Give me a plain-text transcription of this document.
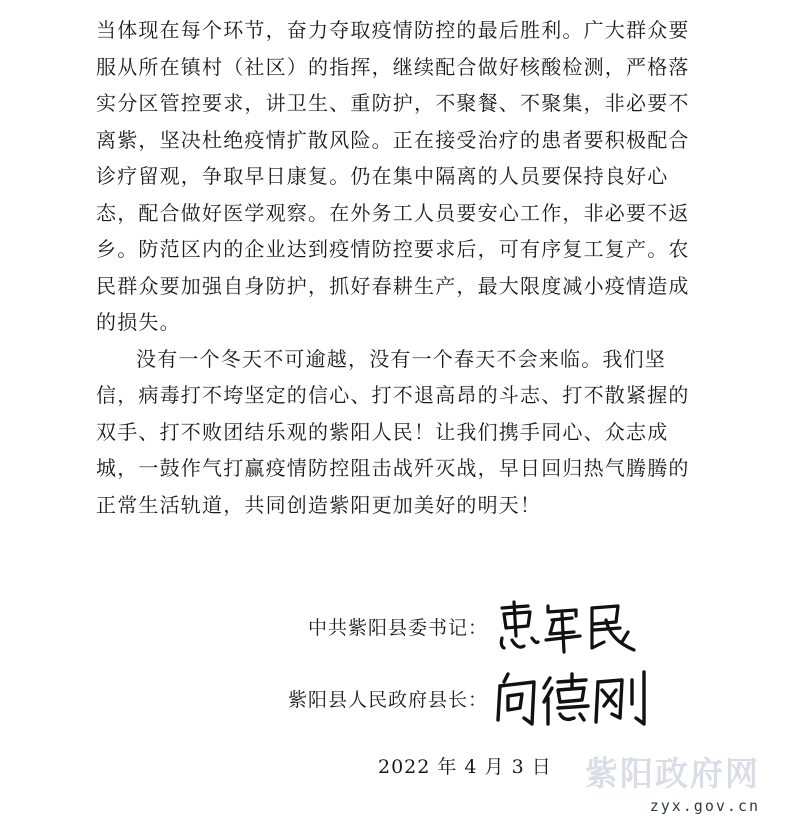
当体现在每个环节，奋力夺取疫情防控的最后胜利。广大群众要服从所在镇村（社区）的指挥，继续配合做好核酸检测，严格落实分区管控要求，讲卫生、重防护，不聚餐、不聚集，非必要不离紫，坚决杜绝疫情扩散风险。正在接受治疗的患者要积极配合诊疗留观，争取早日康复。仍在集中隔离的人员要保持良好心态，配合做好医学观察。在外务工人员要安心工作，非必要不返乡。防范区内的企业达到疫情防控要求后，可有序复工复产。农民群众要加强自身防护，抓好春耕生产，最大限度减小疫情造成的损失。

没有一个冬天不可逾越，没有一个春天不会来临。我们坚信，病毒打不垮坚定的信心、打不退高昂的斗志、打不散紧握的双手、打不败团结乐观的紫阳人民！让我们携手同心、众志成城，一鼓作气打赢疫情防控阻击战歼灭战，早日回归热气腾腾的正常生活轨道，共同创造紫阳更加美好的明天！

中共紫阳县委书记：
紫阳县人民政府县长：
2022 年 4 月 3 日 紫阳政府网
zyx.gov.cn
